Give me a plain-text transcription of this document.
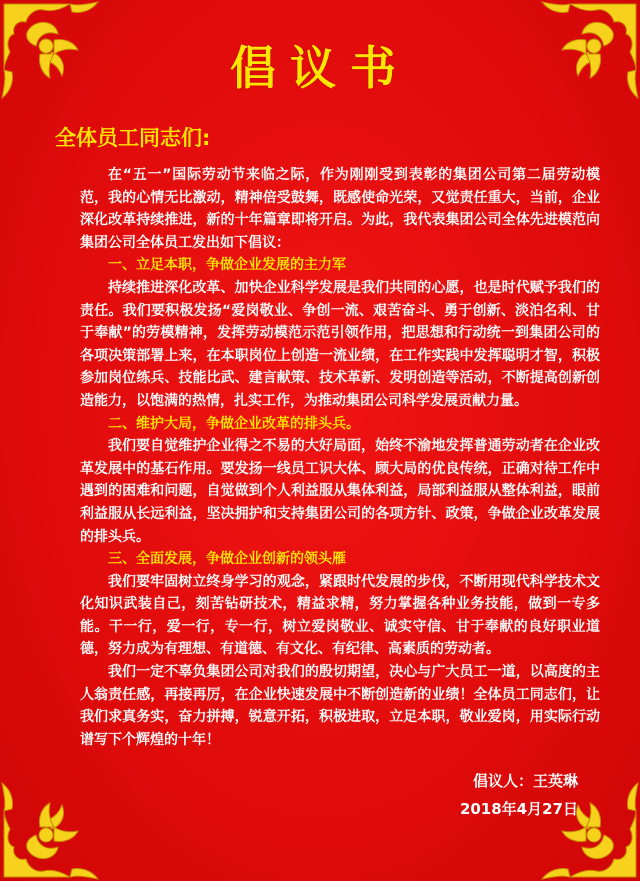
倡议书
全体员工同志们:

在“五一”国际劳动节来临之际，作为刚刚受到表彰的集团公司第二届劳动模范，我的心情无比激动，精神倍受鼓舞，既感使命光荣，又觉责任重大，当前，企业深化改革持续推进，新的十年篇章即将开启。为此，我代表集团公司全体先进模范向集团公司全体员工发出如下倡议：

一、立足本职，争做企业发展的主力军

持续推进深化改革、加快企业科学发展是我们共同的心愿，也是时代赋予我们的责任。我们要积极发扬“爱岗敬业、争创一流、艰苦奋斗、勇于创新、淡泊名利、甘于奉献”的劳模精神，发挥劳动模范示范引领作用，把思想和行动统一到集团公司的各项决策部署上来，在本职岗位上创造一流业绩，在工作实践中发挥聪明才智，积极参加岗位练兵、技能比武、建言献策、技术革新、发明创造等活动，不断提高创新创造能力，以饱满的热情，扎实工作，为推动集团公司科学发展贡献力量。

二、维护大局，争做企业改革的排头兵。

我们要自觉维护企业得之不易的大好局面，始终不渝地发挥普通劳动者在企业改革发展中的基石作用。要发扬一线员工识大体、顾大局的优良传统，正确对待工作中遇到的困难和问题，自觉做到个人利益服从集体利益，局部利益服从整体利益，眼前利益服从长远利益，坚决拥护和支持集团公司的各项方针、政策，争做企业改革发展的排头兵。

三、全面发展，争做企业创新的领头雁

我们要牢固树立终身学习的观念，紧跟时代发展的步伐，不断用现代科学技术文化知识武装自己，刻苦钻研技术，精益求精，努力掌握各种业务技能，做到一专多能。干一行，爱一行，专一行，树立爱岗敬业、诚实守信、甘于奉献的良好职业道德，努力成为有理想、有道德、有文化、有纪律、高素质的劳动者。

我们一定不辜负集团公司对我们的殷切期望，决心与广大员工一道，以高度的主人翁责任感，再接再厉，在企业快速发展中不断创造新的业绩！全体员工同志们，让我们求真务实，奋力拼搏，锐意开拓，积极进取，立足本职，敬业爱岗，用实际行动谱写下个辉煌的十年！

倡议人：王英琳
2018年4月27日
